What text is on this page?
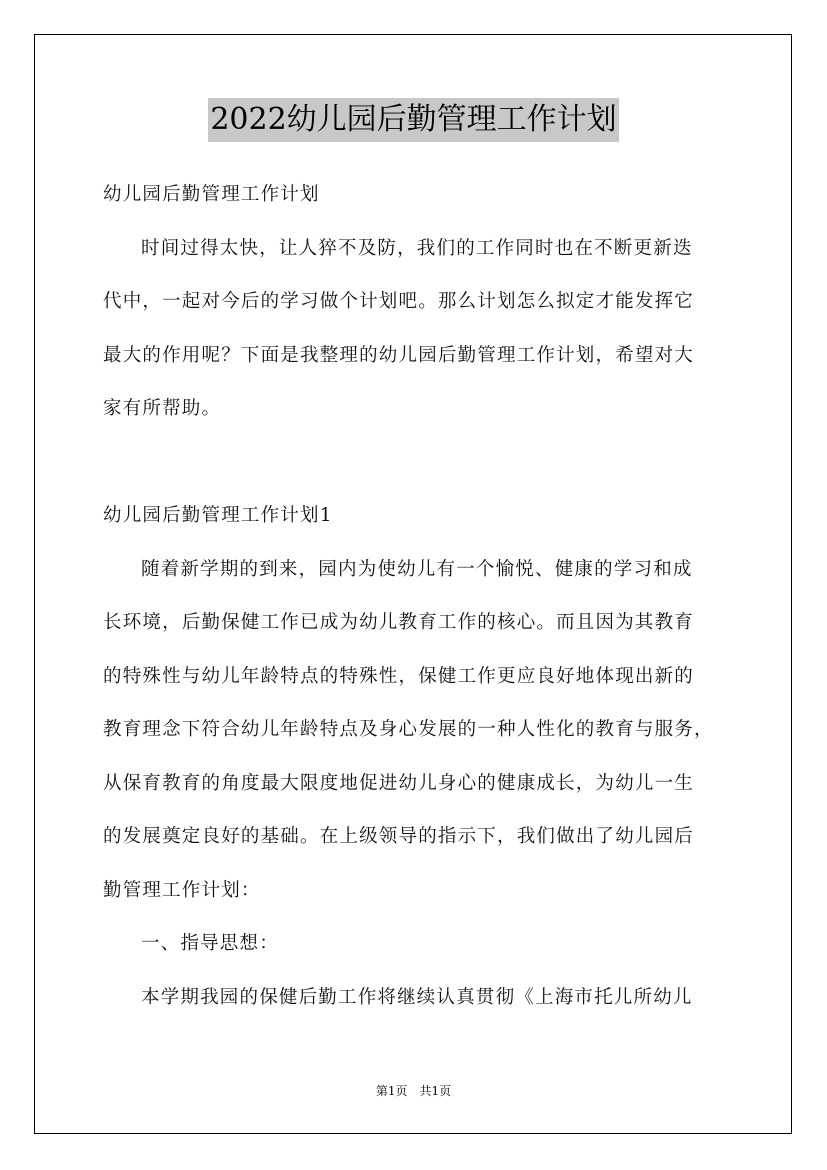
2022幼儿园后勤管理工作计划
幼儿园后勤管理工作计划
时间过得太快，让人猝不及防，我们的工作同时也在不断更新迭
代中，一起对今后的学习做个计划吧。那么计划怎么拟定才能发挥它
最大的作用呢？下面是我整理的幼儿园后勤管理工作计划，希望对大
家有所帮助。
幼儿园后勤管理工作计划1
随着新学期的到来，园内为使幼儿有一个愉悦、健康的学习和成
长环境，后勤保健工作已成为幼儿教育工作的核心。而且因为其教育
的特殊性与幼儿年龄特点的特殊性，保健工作更应良好地体现出新的
教育理念下符合幼儿年龄特点及身心发展的一种人性化的教育与服务，
从保育教育的角度最大限度地促进幼儿身心的健康成长，为幼儿一生
的发展奠定良好的基础。在上级领导的指示下，我们做出了幼儿园后
勤管理工作计划：
一、指导思想：
本学期我园的保健后勤工作将继续认真贯彻《上海市托儿所幼儿
第1页　共1页
